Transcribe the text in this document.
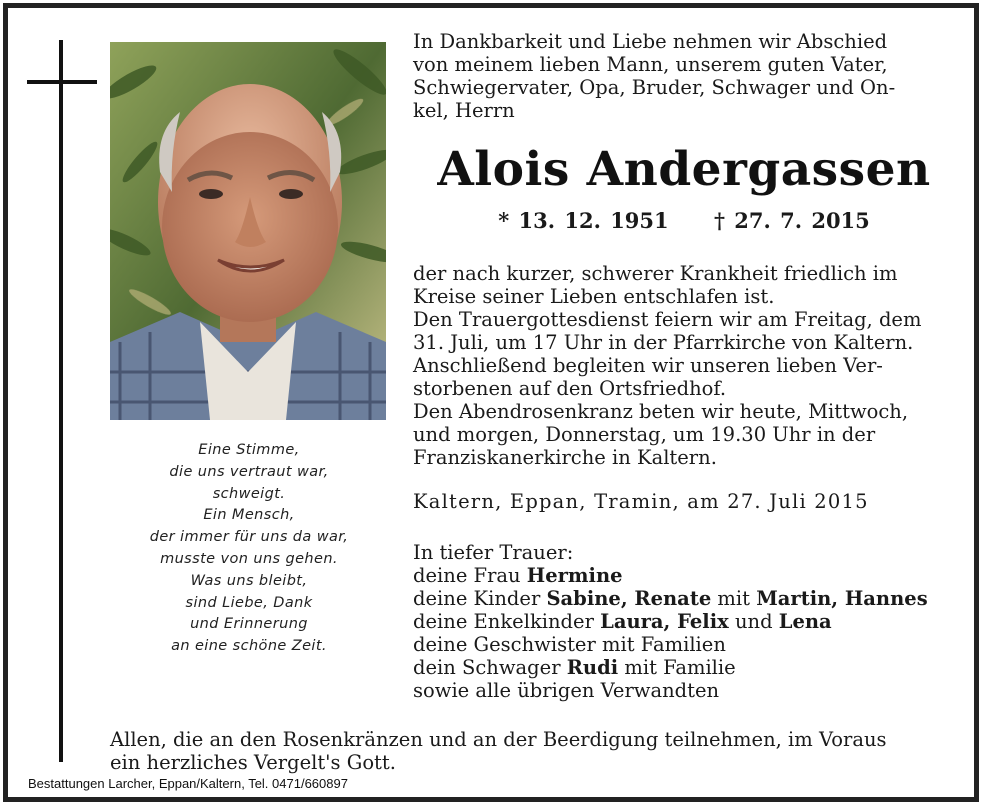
Eine Stimme,
die uns vertraut war,
schweigt.
Ein Mensch,
der immer für uns da war,
musste von uns gehen.
Was uns bleibt,
sind Liebe, Dank
und Erinnerung
an eine schöne Zeit.
In Dankbarkeit und Liebe nehmen wir Abschied
von meinem lieben Mann, unserem guten Vater,
Schwiegervater, Opa, Bruder, Schwager und On-
kel, Herrn
Alois Andergassen
* 13. 12. 1951 † 27. 7. 2015

der nach kurzer, schwerer Krankheit friedlich im

Kreise seiner Lieben entschlafen ist.

Den Trauergottesdienst feiern wir am Freitag, dem

31. Juli, um 17 Uhr in der Pfarrkirche von Kaltern.

Anschließend begleiten wir unseren lieben Ver-

storbenen auf den Ortsfriedhof.

Den Abendrosenkranz beten wir heute, Mittwoch,

und morgen, Donnerstag, um 19.30 Uhr in der

Franziskanerkirche in Kaltern.

Kaltern, Eppan, Tramin, am 27. Juli 2015
In tiefer Trauer:
deine Frau Hermine
deine Kinder Sabine, Renate mit Martin, Hannes
deine Enkelkinder Laura, Felix und Lena
deine Geschwister mit Familien
dein Schwager Rudi mit Familie
sowie alle übrigen Verwandten
Allen, die an den Rosenkränzen und an der Beerdigung teilnehmen, im Voraus
ein herzliches Vergelt's Gott.
Bestattungen Larcher, Eppan/Kaltern, Tel. 0471/660897
